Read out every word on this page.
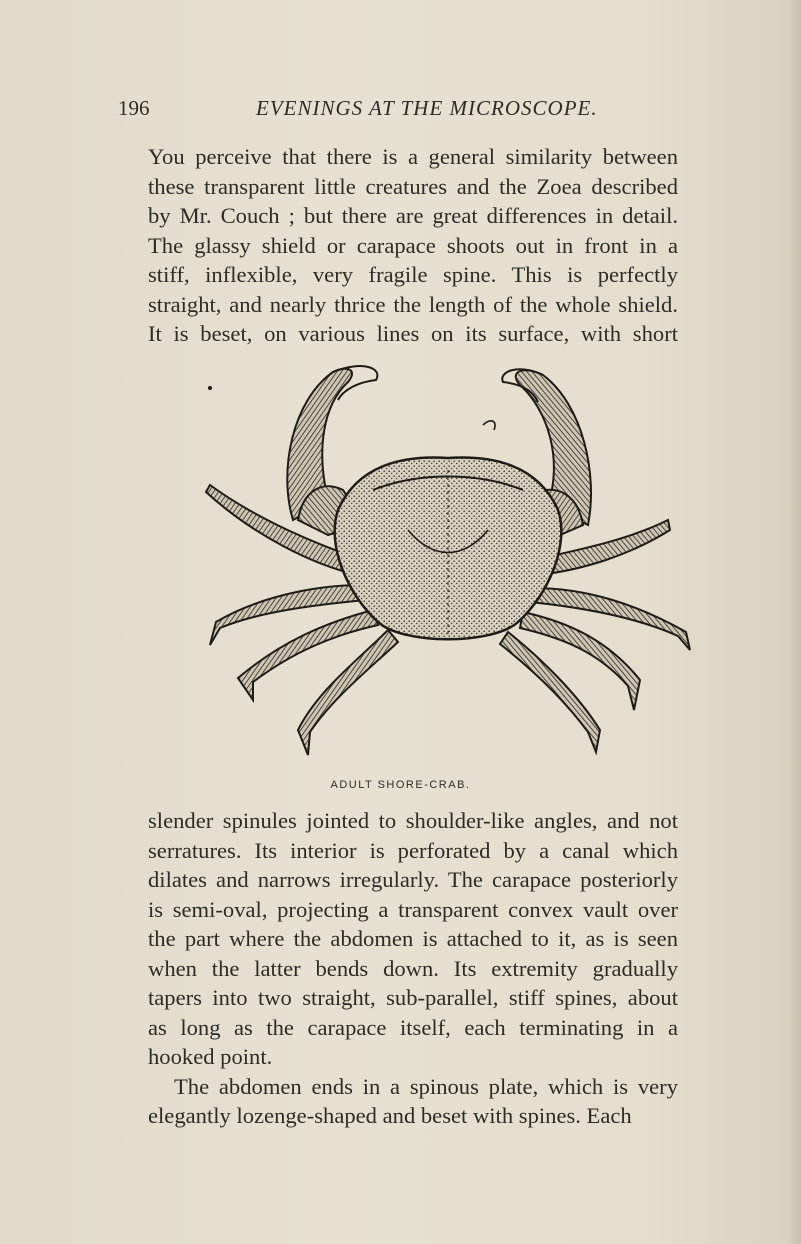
196	EVENINGS AT THE MICROSCOPE.
You perceive that there is a general similarity between
these transparent little creatures and the Zoea described
by Mr. Couch ; but there are great differences in detail.
The glassy shield or carapace shoots out in front in a
stiff, inflexible, very fragile spine. This is perfectly
straight, and nearly thrice the length of the whole shield.
It is beset, on various lines on its surface, with short
ADULT SHORE-CRAB.
slender spinules jointed to shoulder-like angles, and not
serratures. Its interior is perforated by a canal which
dilates and narrows irregularly. The carapace posteriorly
is semi-oval, projecting a transparent convex vault over
the part where the abdomen is attached to it, as is seen
when the latter bends down. Its extremity gradually
tapers into two straight, sub-parallel, stiff spines, about
as long as the carapace itself, each terminating in a
hooked point.
The abdomen ends in a spinous plate, which is very
elegantly lozenge-shaped and beset with spines. Each
